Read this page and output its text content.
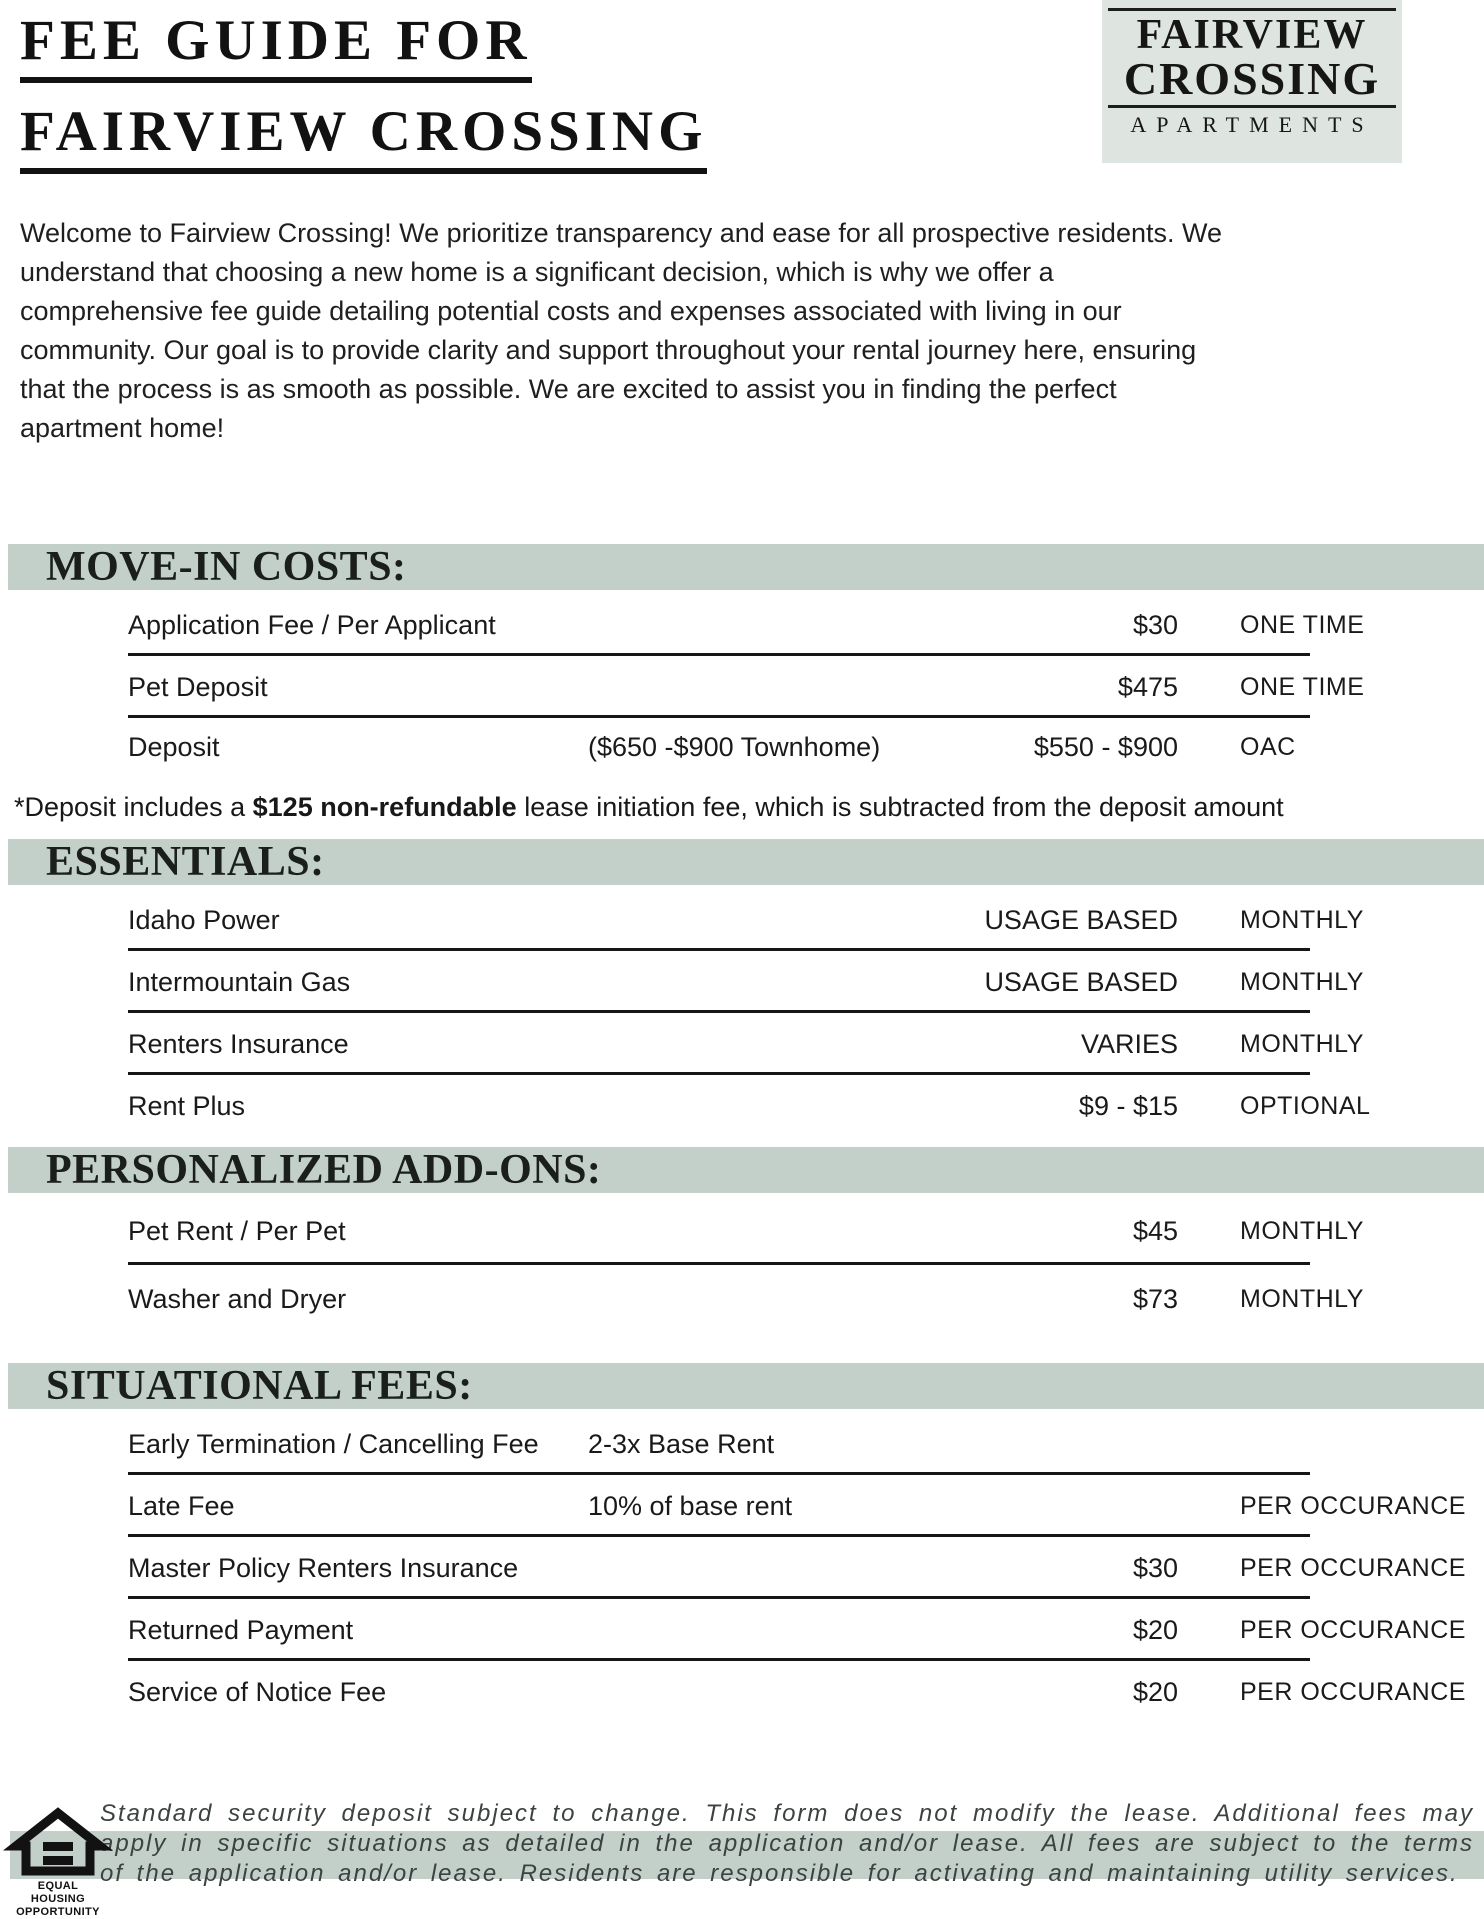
FEE GUIDE FOR
FAIRVIEW CROSSING
FAIRVIEW
CROSSING
APARTMENTS

Welcome to Fairview Crossing! We prioritize transparency and ease for all prospective residents. We understand that choosing a new home is a significant decision, which is why we offer a comprehensive fee guide detailing potential costs and expenses associated with living in our community. Our goal is to provide clarity and support throughout your rental journey here, ensuring that the process is as smooth as possible. We are excited to assist you in finding the perfect apartment home!

MOVE-IN COSTS:
Application Fee / Per Applicant	$30	ONE TIME
Pet Deposit	$475	ONE TIME
Deposit	($650 -$900 Townhome)	$550 - $900	OAC

*Deposit includes a $125 non-refundable lease initiation fee, which is subtracted from the deposit amount

ESSENTIALS:
Idaho Power	USAGE BASED	MONTHLY
Intermountain Gas	USAGE BASED	MONTHLY
Renters Insurance	VARIES	MONTHLY
Rent Plus	$9 - $15	OPTIONAL
PERSONALIZED ADD-ONS:
Pet Rent / Per Pet	$45	MONTHLY
Washer and Dryer	$73	MONTHLY
SITUATIONAL FEES:
Early Termination / Cancelling Fee	2-3x Base Rent
Late Fee	10% of base rent	PER OCCURANCE
Master Policy Renters Insurance	$30	PER OCCURANCE
Returned Payment	$20	PER OCCURANCE
Service of Notice Fee	$20	PER OCCURANCE
EQUAL HOUSING
OPPORTUNITY

Standard security deposit subject to change. This form does not modify the lease. Additional fees may apply in specific situations as detailed in the application and/or lease. All fees are subject to the terms of the application and/or lease. Residents are responsible for activating and maintaining utility services.
